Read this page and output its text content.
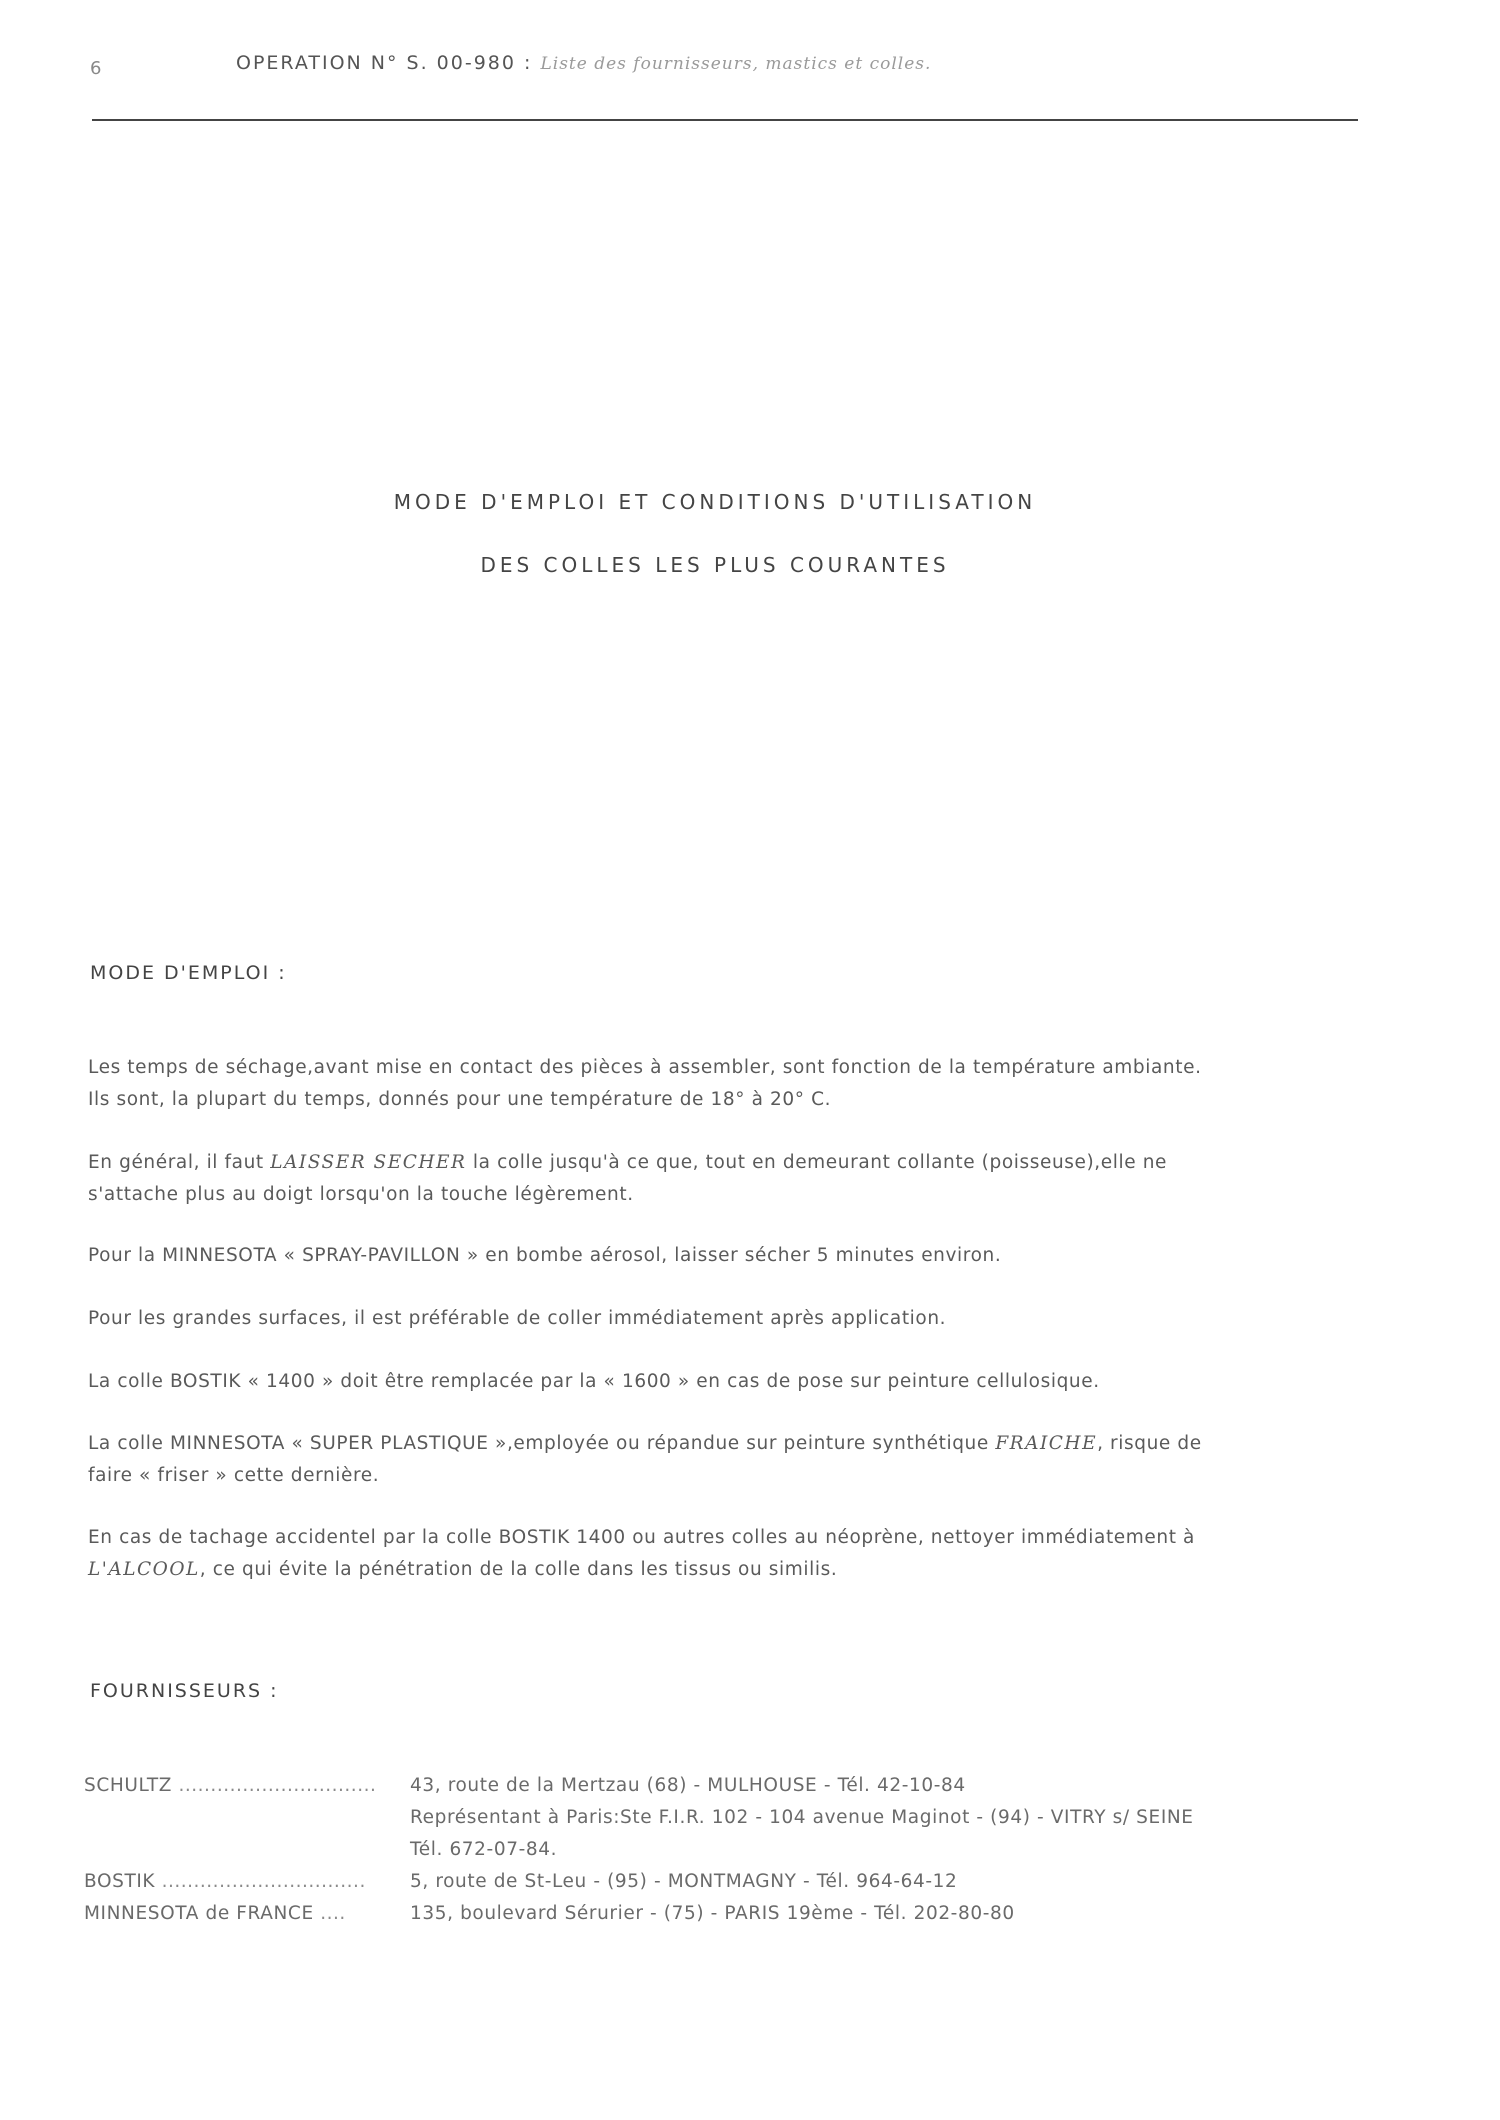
6	OPERATION N° S. 00-980 : Liste des fournisseurs, mastics et colles.
MODE D'EMPLOI ET CONDITIONS D'UTILISATION
DES COLLES LES PLUS COURANTES
MODE D'EMPLOI :
Les temps de séchage,avant mise en contact des pièces à assembler, sont fonction de la température ambiante.
Ils sont, la plupart du temps, donnés pour une température de 18° à 20° C.
En général, il faut LAISSER SECHER la colle jusqu'à ce que, tout en demeurant collante (poisseuse),elle ne
s'attache plus au doigt lorsqu'on la touche légèrement.
Pour la MINNESOTA « SPRAY-PAVILLON » en bombe aérosol, laisser sécher 5 minutes environ.
Pour les grandes surfaces, il est préférable de coller immédiatement après application.
La colle BOSTIK « 1400 » doit être remplacée par la « 1600 » en cas de pose sur peinture cellulosique.
La colle MINNESOTA « SUPER PLASTIQUE »,employée ou répandue sur peinture synthétique FRAICHE, risque de
faire « friser » cette dernière.
En cas de tachage accidentel par la colle BOSTIK 1400 ou autres colles au néoprène, nettoyer immédiatement à
L'ALCOOL, ce qui évite la pénétration de la colle dans les tissus ou similis.
FOURNISSEURS :
SCHULTZ ............................... 43, route de la Mertzau (68) - MULHOUSE - Tél. 42-10-84
Représentant à Paris:Ste F.I.R. 102 - 104 avenue Maginot - (94) - VITRY s/ SEINE
Tél. 672-07-84.
BOSTIK ................................ 5, route de St-Leu - (95) - MONTMAGNY - Tél. 964-64-12
MINNESOTA de FRANCE ....	135, boulevard Sérurier - (75) - PARIS 19ème - Tél. 202-80-80
